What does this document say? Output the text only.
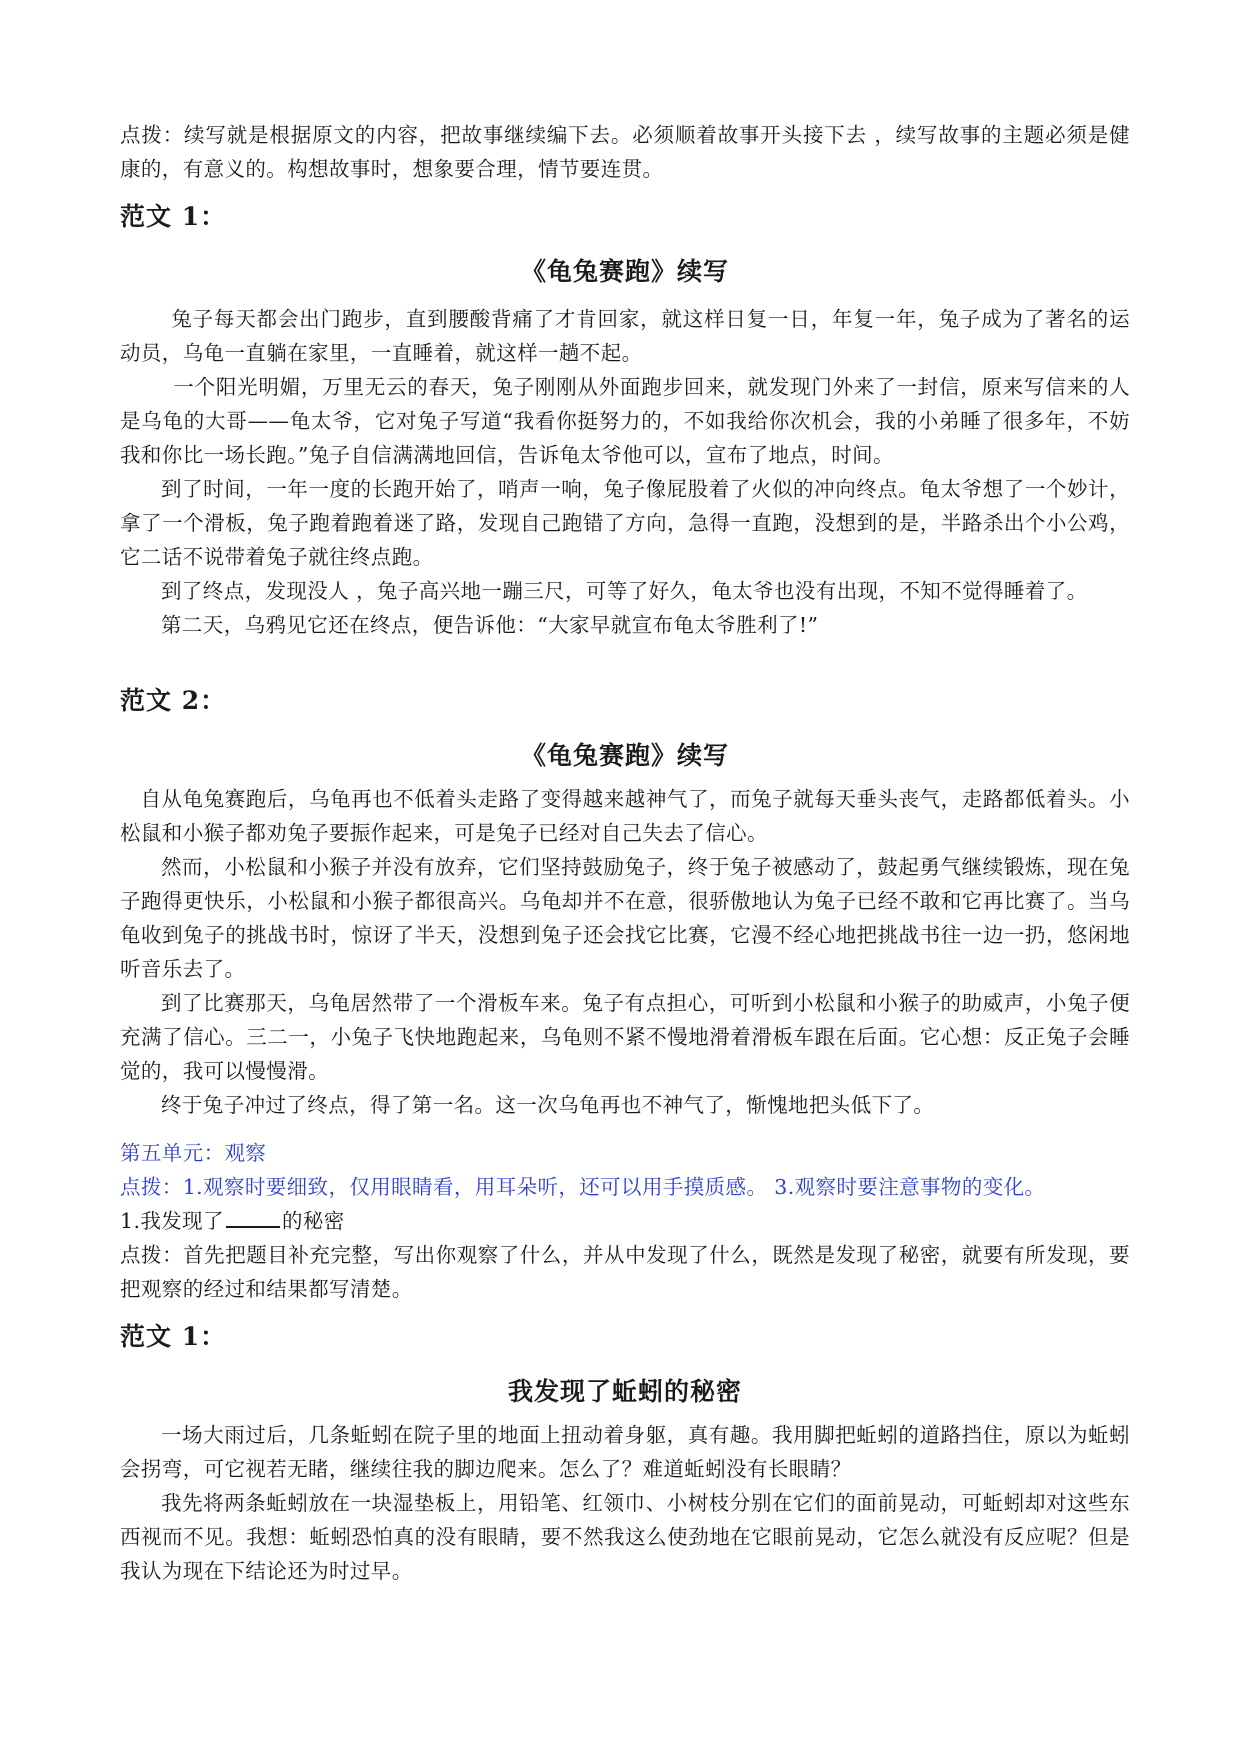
点拨：续写就是根据原文的内容，把故事继续编下去。必须顺着故事开头接下去 ，续写故事的主题必须是健康的，有意义的。构想故事时，想象要合理，情节要连贯。

范文 1：

《龟兔赛跑》续写

兔子每天都会出门跑步，直到腰酸背痛了才肯回家，就这样日复一日，年复一年，兔子成为了著名的运动员，乌龟一直躺在家里，一直睡着，就这样一趟不起。

一个阳光明媚，万里无云的春天，兔子刚刚从外面跑步回来，就发现门外来了一封信，原来写信来的人是乌龟的大哥——龟太爷，它对兔子写道“我看你挺努力的，不如我给你次机会，我的小弟睡了很多年，不妨我和你比一场长跑。”兔子自信满满地回信，告诉龟太爷他可以，宣布了地点，时间。

到了时间，一年一度的长跑开始了，哨声一响，兔子像屁股着了火似的冲向终点。龟太爷想了一个妙计，拿了一个滑板，兔子跑着跑着迷了路，发现自己跑错了方向，急得一直跑，没想到的是，半路杀出个小公鸡，它二话不说带着兔子就往终点跑。

到了终点，发现没人 ，兔子高兴地一蹦三尺，可等了好久，龟太爷也没有出现，不知不觉得睡着了。

第二天，乌鸦见它还在终点，便告诉他：“大家早就宣布龟太爷胜利了!”

范文 2：

《龟兔赛跑》续写

自从龟兔赛跑后，乌龟再也不低着头走路了变得越来越神气了，而兔子就每天垂头丧气，走路都低着头。小松鼠和小猴子都劝兔子要振作起来，可是兔子已经对自己失去了信心。

然而，小松鼠和小猴子并没有放弃，它们坚持鼓励兔子，终于兔子被感动了，鼓起勇气继续锻炼，现在兔子跑得更快乐，小松鼠和小猴子都很高兴。乌龟却并不在意，很骄傲地认为兔子已经不敢和它再比赛了。当乌龟收到兔子的挑战书时，惊讶了半天，没想到兔子还会找它比赛，它漫不经心地把挑战书往一边一扔，悠闲地听音乐去了。

到了比赛那天，乌龟居然带了一个滑板车来。兔子有点担心，可听到小松鼠和小猴子的助威声，小兔子便充满了信心。三二一，小兔子飞快地跑起来，乌龟则不紧不慢地滑着滑板车跟在后面。它心想：反正兔子会睡觉的，我可以慢慢滑。

终于兔子冲过了终点，得了第一名。这一次乌龟再也不神气了，惭愧地把头低下了。

第五单元：观察

点拨：1.观察时要细致，仅用眼睛看，用耳朵听，还可以用手摸质感。 3.观察时要注意事物的变化。

1.我发现了	的秘密

点拨：首先把题目补充完整，写出你观察了什么，并从中发现了什么，既然是发现了秘密，就要有所发现，要把观察的经过和结果都写清楚。

范文 1：

我发现了蚯蚓的秘密

一场大雨过后，几条蚯蚓在院子里的地面上扭动着身躯，真有趣。我用脚把蚯蚓的道路挡住，原以为蚯蚓会拐弯，可它视若无睹，继续往我的脚边爬来。怎么了？难道蚯蚓没有长眼睛？

我先将两条蚯蚓放在一块湿垫板上，用铅笔、红领巾、小树枝分别在它们的面前晃动，可蚯蚓却对这些东西视而不见。我想：蚯蚓恐怕真的没有眼睛，要不然我这么使劲地在它眼前晃动，它怎么就没有反应呢？但是我认为现在下结论还为时过早。
